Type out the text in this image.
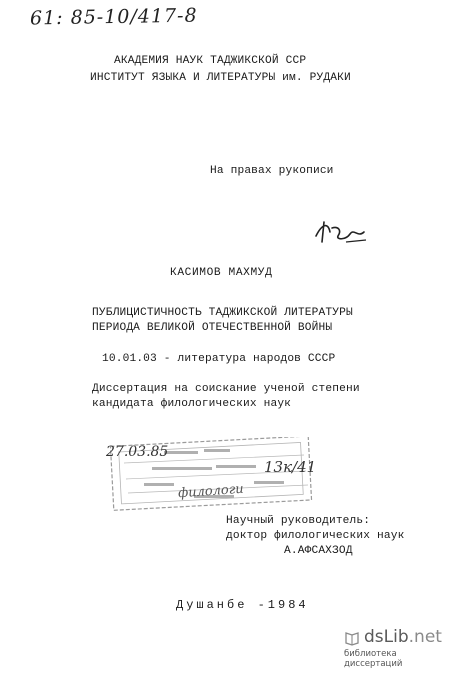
61: 85-10/417-8
АКАДЕМИЯ НАУК ТАДЖИКСКОЙ ССР
ИНСТИТУТ ЯЗЫКА И ЛИТЕРАТУРЫ им. РУДАКИ
На правах рукописи
КАСИМОВ МАХМУД
ПУБЛИЦИСТИЧНОСТЬ ТАДЖИКСКОЙ ЛИТЕРАТУРЫ
ПЕРИОДА ВЕЛИКОЙ ОТЕЧЕСТВЕННОЙ ВОЙНЫ
10.01.03 - литература народов СССР
Диссертация на соискание ученой степени
кандидата филологических наук
27.03.85
13к/41
филологи
Научный руководитель:
доктор филологических наук
А.АФСАХЗОД
Душанбе -1984
dsLib.net
библиотека диссертаций
